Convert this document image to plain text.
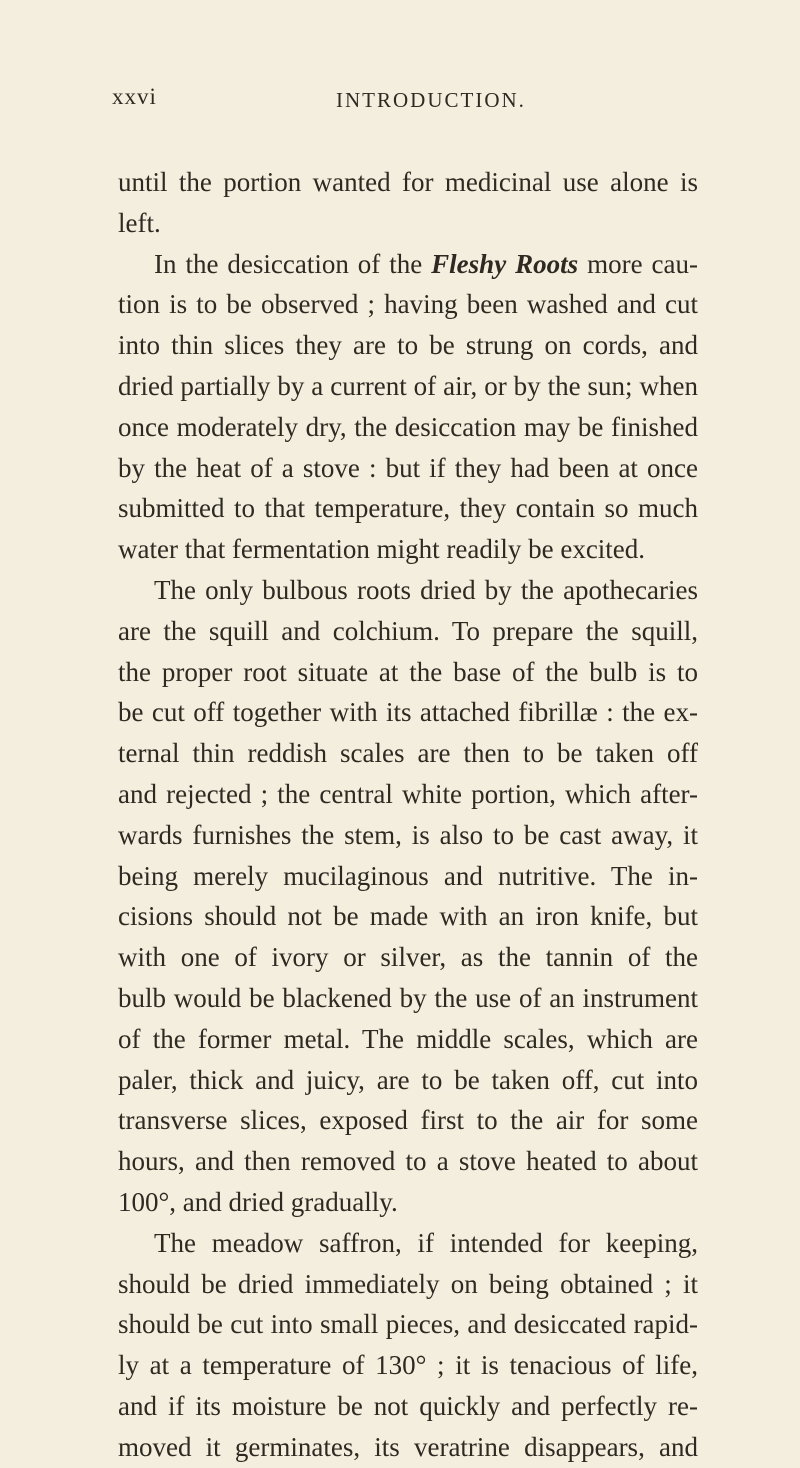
xxvi	INTRODUCTION.
until the portion wanted for medicinal use alone is
left.
In the desiccation of the Fleshy Roots more cau-
tion is to be observed ; having been washed and cut
into thin slices they are to be strung on cords, and
dried partially by a current of air, or by the sun; when
once moderately dry, the desiccation may be finished
by the heat of a stove : but if they had been at once
submitted to that temperature, they contain so much
water that fermentation might readily be excited.
The only bulbous roots dried by the apothecaries
are the squill and colchium. To prepare the squill,
the proper root situate at the base of the bulb is to
be cut off together with its attached fibrillæ : the ex-
ternal thin reddish scales are then to be taken off
and rejected ; the central white portion, which after-
wards furnishes the stem, is also to be cast away, it
being merely mucilaginous and nutritive. The in-
cisions should not be made with an iron knife, but
with one of ivory or silver, as the tannin of the
bulb would be blackened by the use of an instrument
of the former metal. The middle scales, which are
paler, thick and juicy, are to be taken off, cut into
transverse slices, exposed first to the air for some
hours, and then removed to a stove heated to about
100°, and dried gradually.
The meadow saffron, if intended for keeping,
should be dried immediately on being obtained ; it
should be cut into small pieces, and desiccated rapid-
ly at a temperature of 130° ; it is tenacious of life,
and if its moisture be not quickly and perfectly re-
moved it germinates, its veratrine disappears, and
